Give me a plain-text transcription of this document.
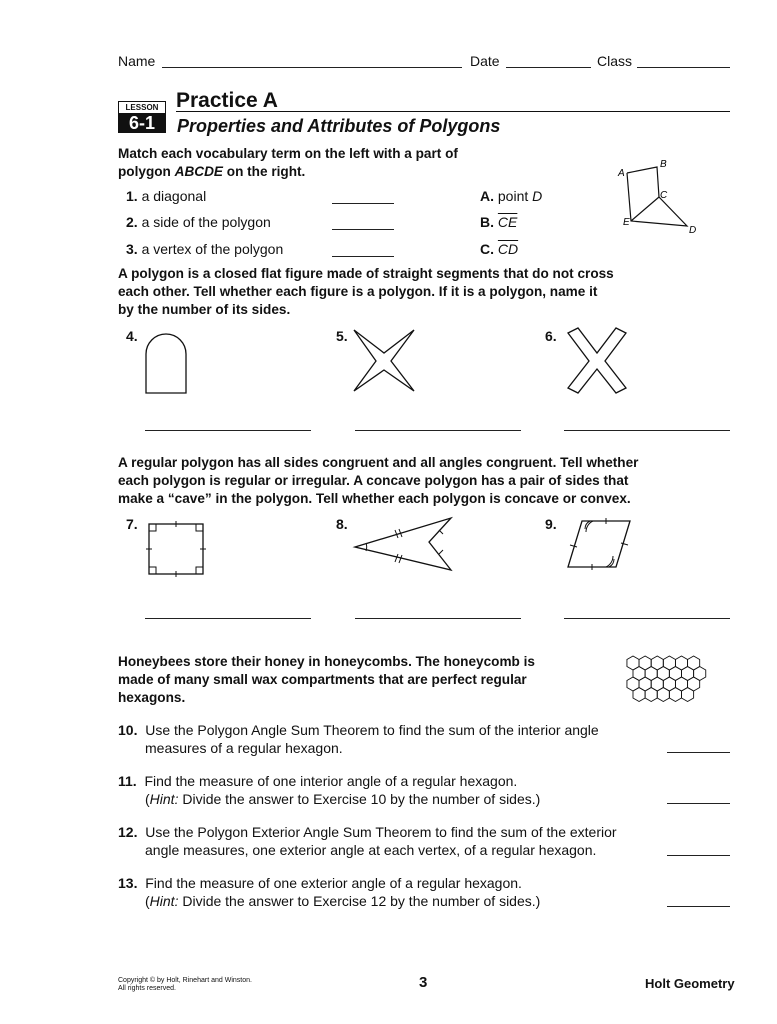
Name	Date	Class
LESSON
6-1
Practice A
Properties and Attributes of Polygons
Match each vocabulary term on the left with a part of
polygon ABCDE on the right.
1. a diagonal
2. a side of the polygon
3. a vertex of the polygon
A. point D
B. $\overline{CE}$
C. $\overline{CD}$
A
B
C
D
E
A polygon is a closed flat figure made of straight segments that do not cross
each other. Tell whether each figure is a polygon. If it is a polygon, name it
by the number of its sides.
4.	5.	6.
A regular polygon has all sides congruent and all angles congruent. Tell whether
each polygon is regular or irregular. A concave polygon has a pair of sides that
make a “cave” in the polygon. Tell whether each polygon is concave or convex.
7.	8.	9.
Honeybees store their honey in honeycombs. The honeycomb is
made of many small wax compartments that are perfect regular
hexagons.
10. Use the Polygon Angle Sum Theorem to find the sum of the interior angle
measures of a regular hexagon.
11. Find the measure of one interior angle of a regular hexagon.
(Hint: Divide the answer to Exercise 10 by the number of sides.)
12. Use the Polygon Exterior Angle Sum Theorem to find the sum of the exterior
angle measures, one exterior angle at each vertex, of a regular hexagon.
13. Find the measure of one exterior angle of a regular hexagon.
(Hint: Divide the answer to Exercise 12 by the number of sides.)
Copyright © by Holt, Rinehart and Winston.
All rights reserved.	3	Holt Geometry
